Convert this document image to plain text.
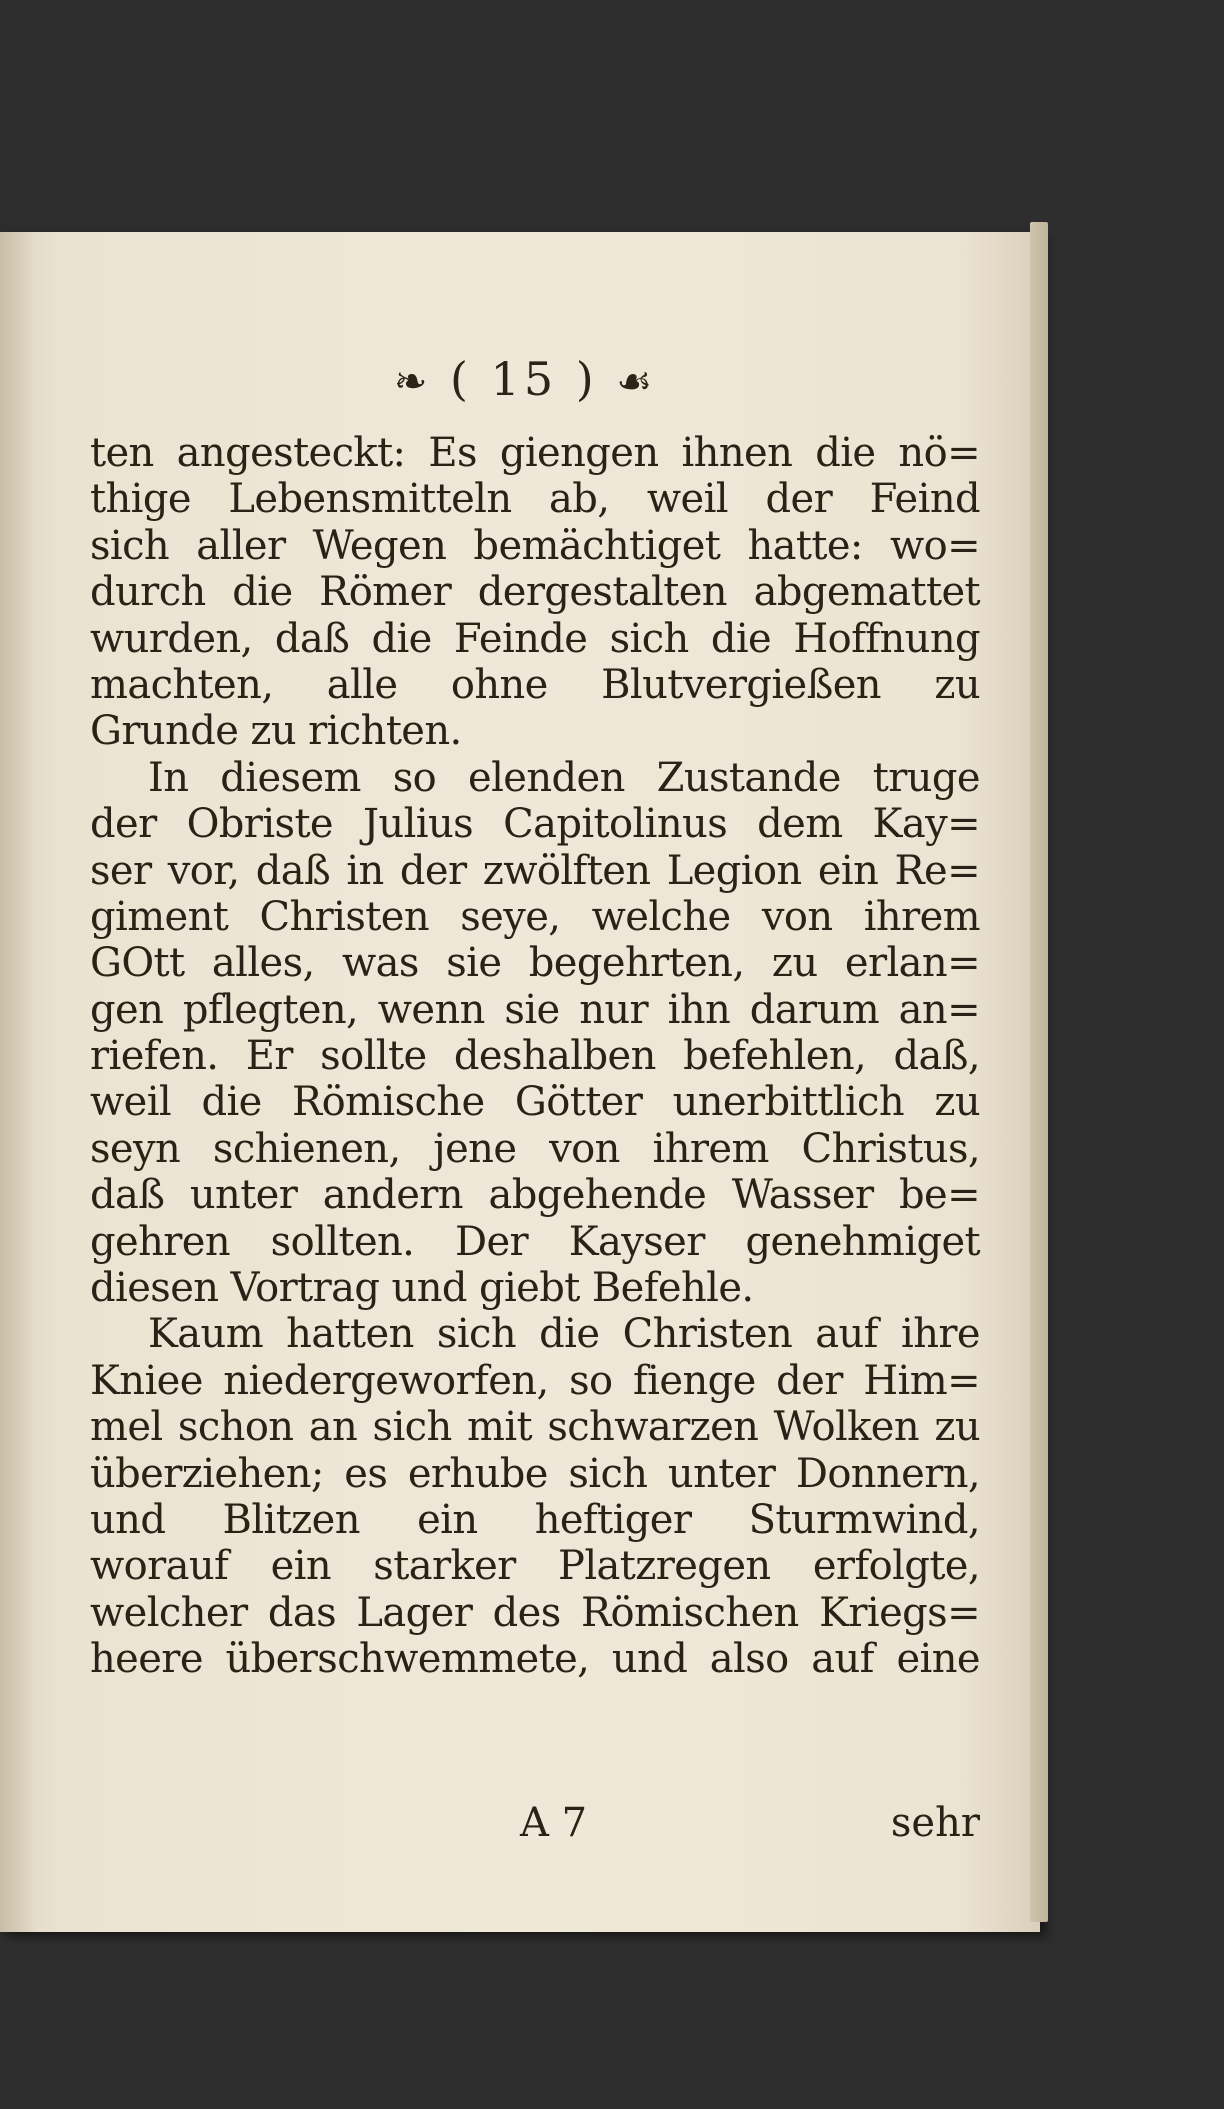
❧ ( 15 ) ☙
ten angesteckt: Es giengen ihnen die nö=
thige Lebensmitteln ab, weil der Feind
sich aller Wegen bemächtiget hatte: wo=
durch die Römer dergestalten abgemattet
wurden, daß die Feinde sich die Hoffnung
machten, alle ohne Blutvergießen zu
Grunde zu richten.
In diesem so elenden Zustande truge
der Obriste Julius Capitolinus dem Kay=
ser vor, daß in der zwölften Legion ein Re=
giment Christen seye, welche von ihrem
GOtt alles, was sie begehrten, zu erlan=
gen pflegten, wenn sie nur ihn darum an=
riefen. Er sollte deshalben befehlen, daß,
weil die Römische Götter unerbittlich zu
seyn schienen, jene von ihrem Christus,
daß unter andern abgehende Wasser be=
gehren sollten. Der Kayser genehmiget
diesen Vortrag und giebt Befehle.
Kaum hatten sich die Christen auf ihre
Kniee niedergeworfen, so fienge der Him=
mel schon an sich mit schwarzen Wolken zu
überziehen; es erhube sich unter Donnern,
und Blitzen ein heftiger Sturmwind,
worauf ein starker Platzregen erfolgte,
welcher das Lager des Römischen Kriegs=
heere überschwemmete, und also auf eine
A 7	sehr
